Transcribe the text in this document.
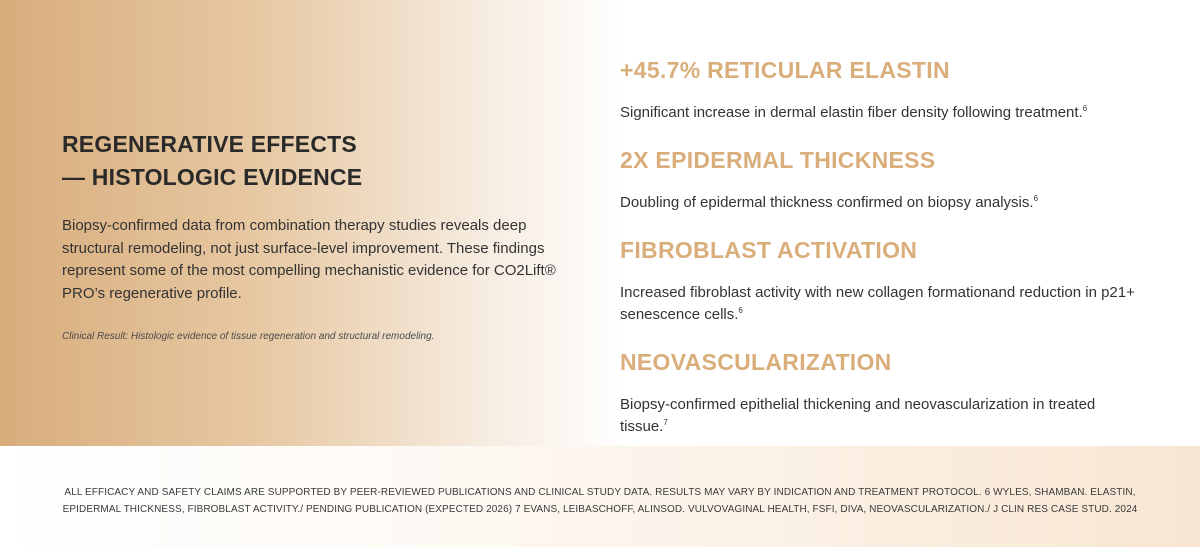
REGENERATIVE EFFECTS
— HISTOLOGIC EVIDENCE

Biopsy-confirmed data from combination therapy studies reveals deep structural remodeling, not just surface-level improvement. These findings represent some of the most compelling mechanistic evidence for CO2Lift® PRO’s regenerative profile.

Clinical Result: Histologic evidence of tissue regeneration and structural remodeling.

+45.7% RETICULAR ELASTIN

Significant increase in dermal elastin fiber density following treatment.$^6$

2X EPIDERMAL THICKNESS

Doubling of epidermal thickness confirmed on biopsy analysis.$^6$

FIBROBLAST ACTIVATION

Increased fibroblast activity with new collagen formationand reduction in p21+ senescence cells.$^6$

NEOVASCULARIZATION

Biopsy-confirmed epithelial thickening and neovascularization in treated tissue.$^7$

ALL EFFICACY AND SAFETY CLAIMS ARE SUPPORTED BY PEER-REVIEWED PUBLICATIONS AND CLINICAL STUDY DATA. RESULTS MAY VARY BY INDICATION AND TREATMENT PROTOCOL. 6 WYLES, SHAMBAN. ELASTIN, EPIDERMAL THICKNESS, FIBROBLAST ACTIVITY./ PENDING PUBLICATION (EXPECTED 2026) 7 EVANS, LEIBASCHOFF, ALINSOD. VULVOVAGINAL HEALTH, FSFI, DIVA, NEOVASCULARIZATION./ J CLIN RES CASE STUD. 2024
